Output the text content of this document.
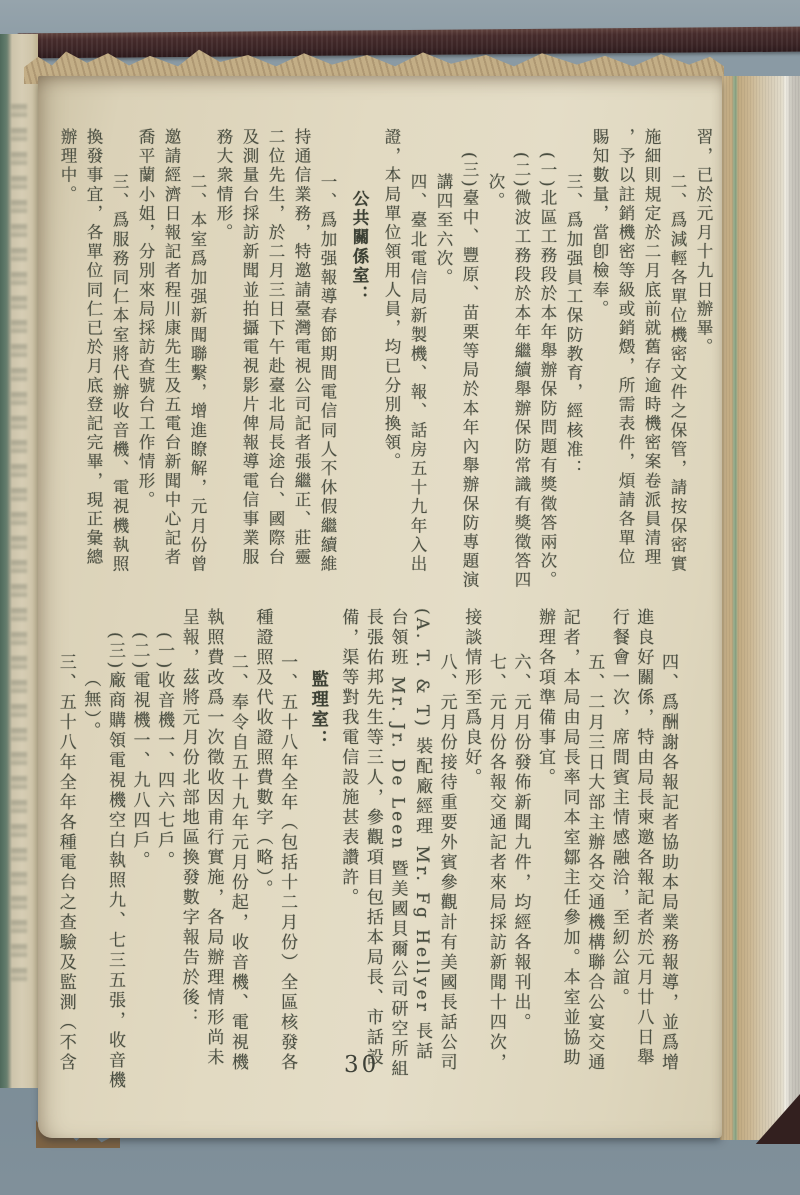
習，已於元月十九日辦畢。
二、爲減輕各單位機密文件之保管，請按保密實
施細則規定於二月底前就舊存逾時機密案卷派員清理
，予以註銷機密等級或銷燬，所需表件，煩請各單位
賜知數量，當卽檢奉。
三、爲加强員工保防教育，經核准：
(一)北區工務段於本年舉辦保防問題有獎徵答兩次。
(二)微波工務段於本年繼續舉辦保防常識有獎徵答四
次。
(三)臺中、豐原、苗栗等局於本年內舉辦保防專題演
講四至六次。
四、臺北電信局新製機、報、話房五十九年入出
證，本局單位領用人員，均已分別換領。
公共關係室：
一、爲加强報導春節期間電信同人不休假繼續維
持通信業務，特邀請臺灣電視公司記者張繼正、莊靈
二位先生，於二月三日下午赴臺北局長途台、國際台
及測量台採訪新聞並拍攝電視影片俾報導電信事業服
務大衆情形。
二、本室爲加强新聞聯繫，增進瞭解，元月份曾
邀請經濟日報記者程川康先生及五電台新聞中心記者
喬平蘭小姐，分別來局採訪查號台工作情形。
三、爲服務同仁本室將代辦收音機、電視機執照
換發事宜，各單位同仁已於月底登記完畢，現正彙總
辦理中。
四、爲酬謝各報記者協助本局業務報導，並爲增
進良好關係，特由局長柬邀各報記者於元月廿八日舉
行餐會一次，席間賓主情感融洽，至紉公誼。
五、二月三日大部主辦各交通機構聯合公宴交通
記者，本局由局長率同本室鄒主任參加。本室並協助
辦理各項準備事宜。
六、元月份發佈新聞九件，均經各報刊出。
七、元月份各報交通記者來局採訪新聞十四次，
接談情形至爲良好。
八、元月份接待重要外賓參觀計有美國長話公司
(A. T. & T) 裝配廠經理 Mr. Fg Hellyer 長話
台領班 Mr. Jr. De Leen 暨美國貝爾公司研空所組
長張佑邦先生等三人，參觀項目包括本局長、市話設
備，渠等對我電信設施甚表讚許。
監理室：
一、五十八年全年（包括十二月份）全區核發各
種證照及代收證照費數字（略）。
二、奉令自五十九年元月份起，收音機、電視機
執照費改爲一次徵收因甫行實施，各局辦理情形尚未
呈報，茲將元月份北部地區換發數字報告於後：
(一)收音機一、四六七戶。
(二)電視機一、九八四戶。
(三)廠商購領電視機空白執照九、七三五張，收音機
（無）。
三、五十八年全年各種電台之查驗及監測（不含	30
